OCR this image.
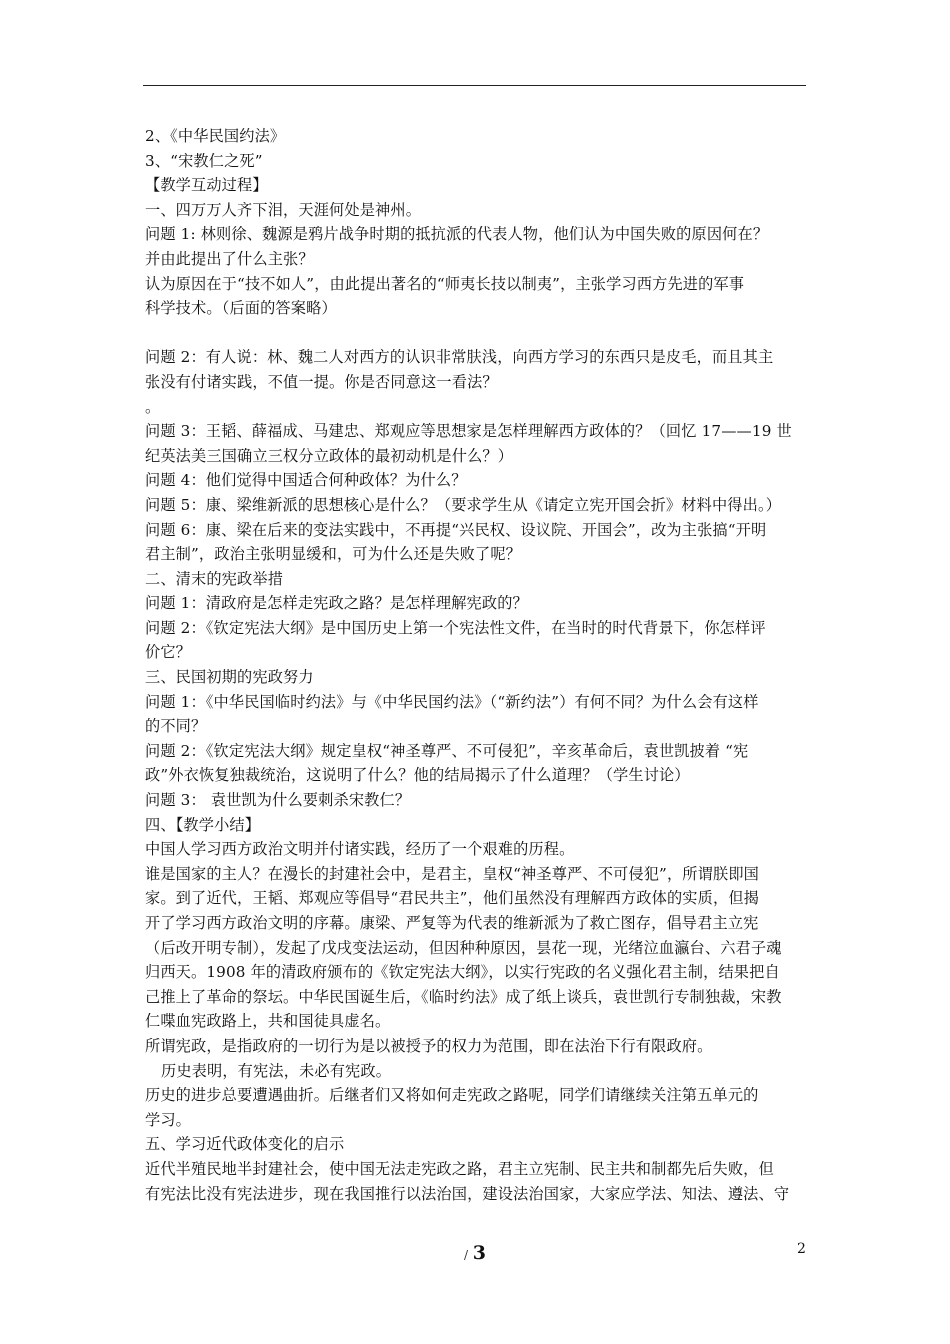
2、《中华民国约法》

3、“宋教仁之死”

【教学互动过程】

一、四万万人齐下泪，天涯何处是神州。

问题 1: 林则徐、魏源是鸦片战争时期的抵抗派的代表人物，他们认为中国失败的原因何在？

并由此提出了什么主张？

认为原因在于“技不如人”，由此提出著名的“师夷长技以制夷”，主张学习西方先进的军事

科学技术。（后面的答案略）

问题 2：有人说：林、魏二人对西方的认识非常肤浅，向西方学习的东西只是皮毛，而且其主

张没有付诸实践，不值一提。你是否同意这一看法？

。

问题 3：王韬、薛福成、马建忠、郑观应等思想家是怎样理解西方政体的？（回忆 17——19 世

纪英法美三国确立三权分立政体的最初动机是什么？）

问题 4：他们觉得中国适合何种政体？为什么？

问题 5：康、梁维新派的思想核心是什么？（要求学生从《请定立宪开国会折》材料中得出。）

问题 6：康、梁在后来的变法实践中，不再提“兴民权、设议院、开国会”，改为主张搞“开明

君主制”，政治主张明显缓和，可为什么还是失败了呢？

二、清末的宪政举措

问题 1：清政府是怎样走宪政之路？是怎样理解宪政的？

问题 2：《钦定宪法大纲》是中国历史上第一个宪法性文件，在当时的时代背景下，你怎样评

价它？

三、民国初期的宪政努力

问题 1：《中华民国临时约法》与《中华民国约法》（“新约法”）有何不同？为什么会有这样

的不同？

问题 2：《钦定宪法大纲》规定皇权“神圣尊严、不可侵犯”，辛亥革命后，袁世凯披着 “宪

政”外衣恢复独裁统治，这说明了什么？他的结局揭示了什么道理？（学生讨论）

问题 3： 袁世凯为什么要刺杀宋教仁？

四、【教学小结】

中国人学习西方政治文明并付诸实践，经历了一个艰难的历程。

谁是国家的主人？在漫长的封建社会中，是君主，皇权“神圣尊严、不可侵犯”，所谓朕即国

家。到了近代，王韬、郑观应等倡导“君民共主”，他们虽然没有理解西方政体的实质，但揭

开了学习西方政治文明的序幕。康梁、严复等为代表的维新派为了救亡图存，倡导君主立宪

（后改开明专制），发起了戊戌变法运动，但因种种原因，昙花一现，光绪泣血瀛台、六君子魂

归西天。1908 年的清政府颁布的《钦定宪法大纲》，以实行宪政的名义强化君主制，结果把自

己推上了革命的祭坛。中华民国诞生后，《临时约法》成了纸上谈兵，袁世凯行专制独裁，宋教

仁喋血宪政路上，共和国徒具虚名。

所谓宪政，是指政府的一切行为是以被授予的权力为范围，即在法治下行有限政府。

历史表明，有宪法，未必有宪政。

历史的进步总要遭遇曲折。后继者们又将如何走宪政之路呢，同学们请继续关注第五单元的

学习。

五、学习近代政体变化的启示

近代半殖民地半封建社会，使中国无法走宪政之路，君主立宪制、民主共和制都先后失败，但

有宪法比没有宪法进步，现在我国推行以法治国，建设法治国家，大家应学法、知法、遵法、守

/ 3	2
